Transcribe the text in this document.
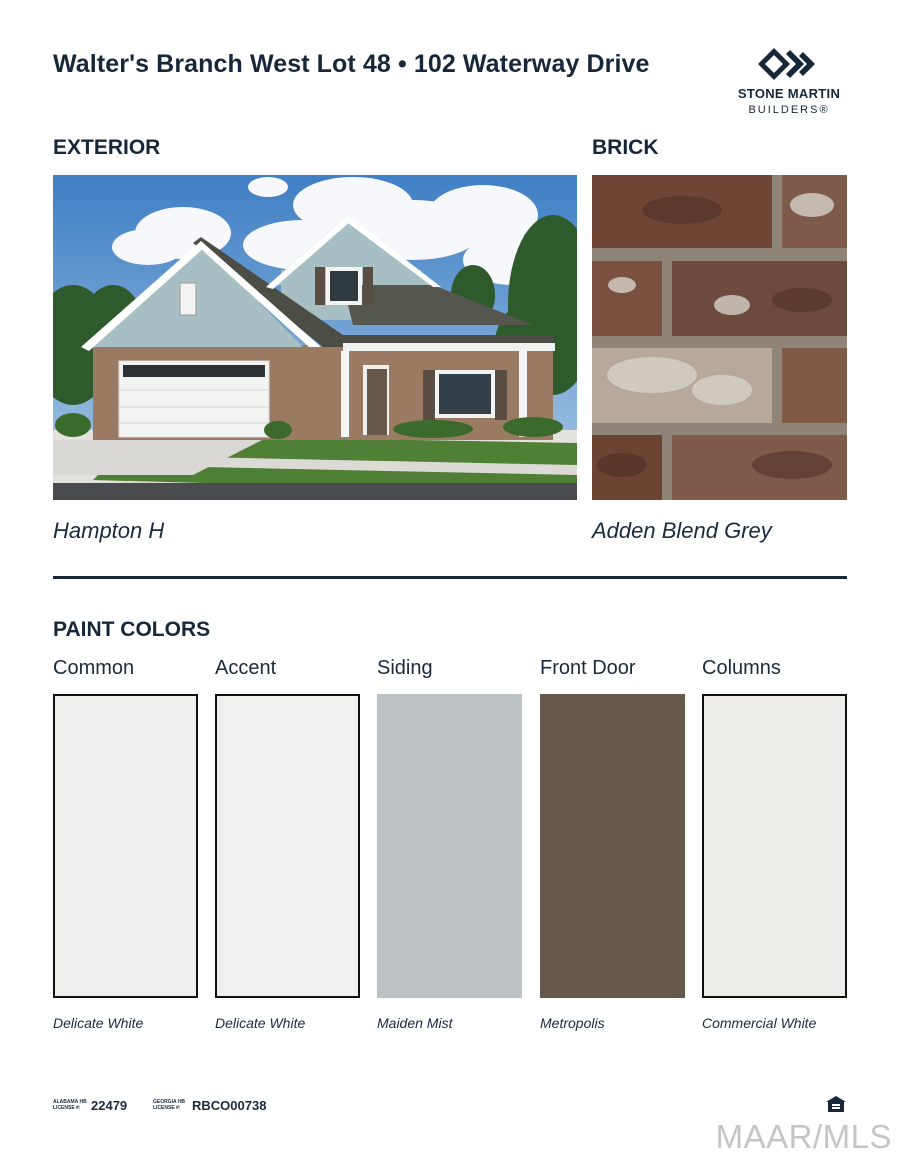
Walter's Branch West Lot 48 • 102 Waterway Drive
STONE MARTIN
BUILDERS®
EXTERIOR	BRICK
Hampton H	Adden Blend Grey
PAINT COLORS
Common	Accent	Siding	Front Door	Columns
Delicate White	Delicate White	Maiden Mist	Metropolis	Commercial White
ALABAMA HB
LICENSE #: 22479	GEORGIA HB
LICENSE #: RBCO00738
MAAR/MLS
